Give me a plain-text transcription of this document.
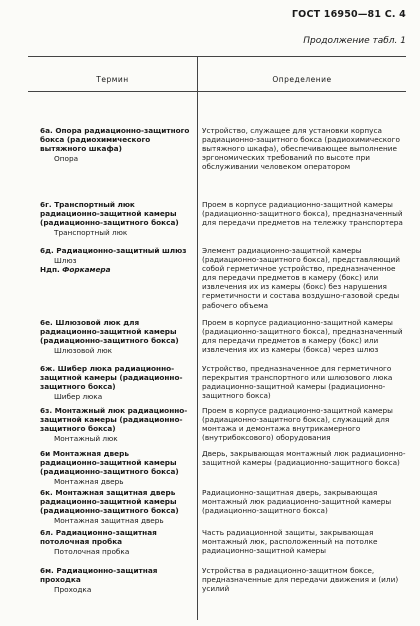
ГОСТ 16950—81 С. 4
Продолжение табл. 1
Термин	Определение
6а. Опора радиационно-защитного бокса (радиохимического вытяжного шкафа)
Опора
Устройство, служащее для установки корпуса радиационно-защитного бокса (радиохимического вытяжного шкафа), обеспечивающее выполнение эргономических требований по высоте при обслуживании человеком оператором
6г. Транспортный люк радиационно-защитной камеры (радиационно-защитного бокса)
Транспортный люк
Проем в корпусе радиационно-защитной камеры (радиационно-защитного бокса), предназначенный для передачи предметов на тележку транспортера
6д. Радиационно-защитный шлюз
Шлюз
Ндп. Форкамера
Элемент радиационно-защитной камеры (радиационно-защитного бокса), представляющий собой герметичное устройство, предназначенное для передачи предметов в камеру (бокс) или извлечения их из камеры (бокс) без нарушения герметичности и состава воздушно-газовой среды рабочего объема
6е. Шлюзовой люк для радиационно-защитной камеры (радиационно-защитного бокса)
Шлюзовой люк
Проем в корпусе радиационно-защитной камеры (радиационно-защитного бокса), предназначенный для передачи предметов в камеру (бокс) или извлечения их из камеры (бокса) через шлюз
6ж. Шибер люка радиационно-защитной камеры (радиационно-защитного бокса)
Шибер люка
Устройство, предназначенное для герметичного перекрытия транспортного или шлюзового люка радиационно-защитной камеры (радиационно-защитного бокса)
6з. Монтажный люк радиационно-защитной камеры (радиационно-защитного бокса)
Монтажный люк
Проем в корпусе радиационно-защитной камеры (радиационно-защитного бокса), служащий для монтажа и демонтажа внутрикамерного (внутрибоксового) оборудования
6и Монтажная дверь радиационно-защитной камеры (радиационно-защитного бокса)
Монтажная дверь
Дверь, закрывающая монтажный люк радиационно-защитной камеры (радиационно-защитного бокса)
6к. Монтажная защитная дверь радиационно-защитной камеры (радиационно-защитного бокса)
Монтажная защитная дверь
Радиационно-защитная дверь, закрывающая монтажный люк радиационно-защитной камеры (радиационно-защитного бокса)
6л. Радиационно-защитная потолочная пробка
Потолочная пробка
Часть радиационной защиты, закрывающая монтажный люк, расположенный на потолке радиационно-защитной камеры
6м. Радиационно-защитная проходка
Проходка
Устройства в радиационно-защитном боксе, предназначенные для передачи движения и (или) усилий
